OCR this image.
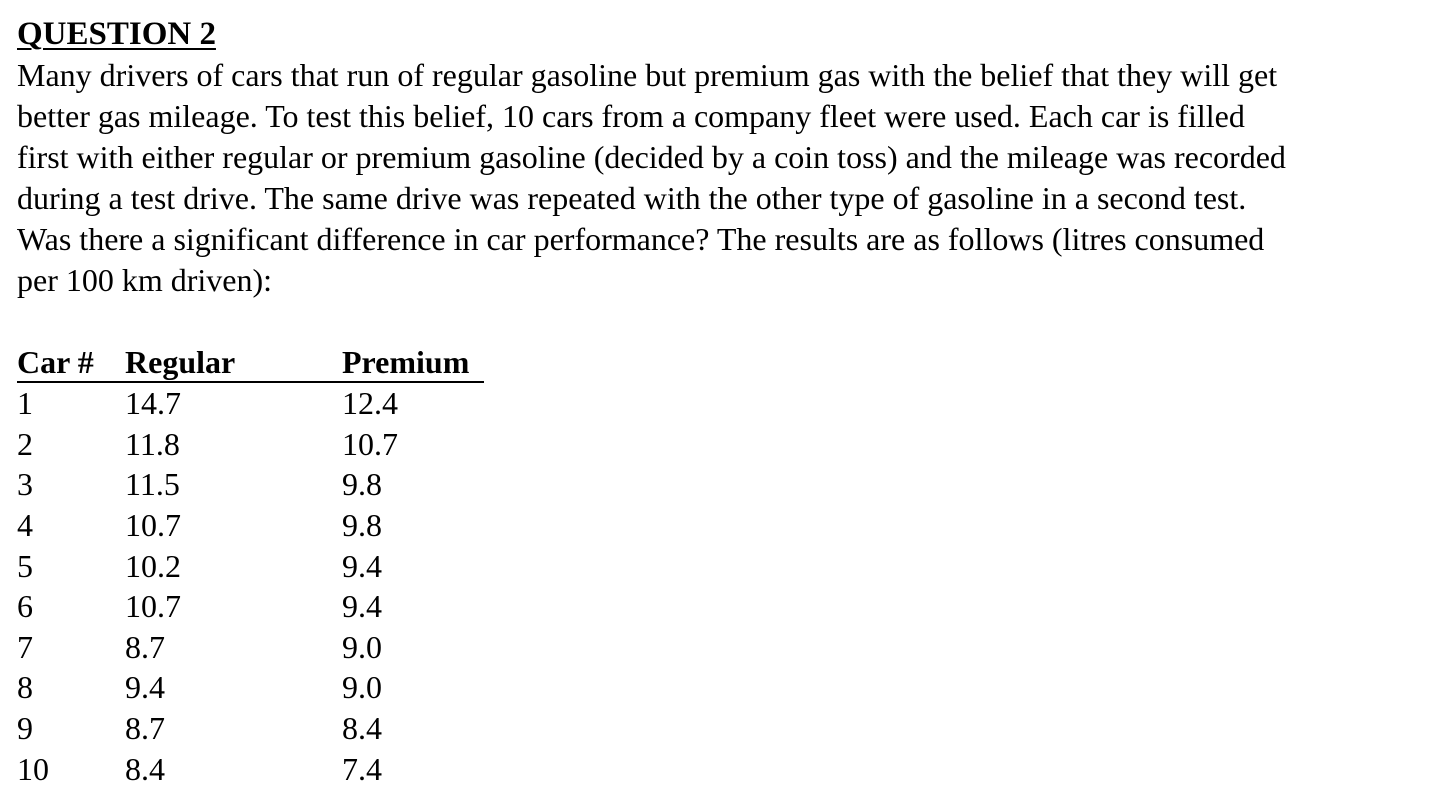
QUESTION 2

Many drivers of cars that run of regular gasoline but premium gas with the belief that they will get
better gas mileage. To test this belief, 10 cars from a company fleet were used. Each car is filled
first with either regular or premium gasoline (decided by a coin toss) and the mileage was recorded
during a test drive. The same drive was repeated with the other type of gasoline in a second test.
Was there a significant difference in car performance? The results are as follows (litres consumed
per 100 km driven):

Car #	Regular	Premium
1	14.7	12.4
2	11.8	10.7
3	11.5	9.8
4	10.7	9.8
5	10.2	9.4
6	10.7	9.4
7	8.7	9.0
8	9.4	9.0
9	8.7	8.4
10	8.4	7.4
